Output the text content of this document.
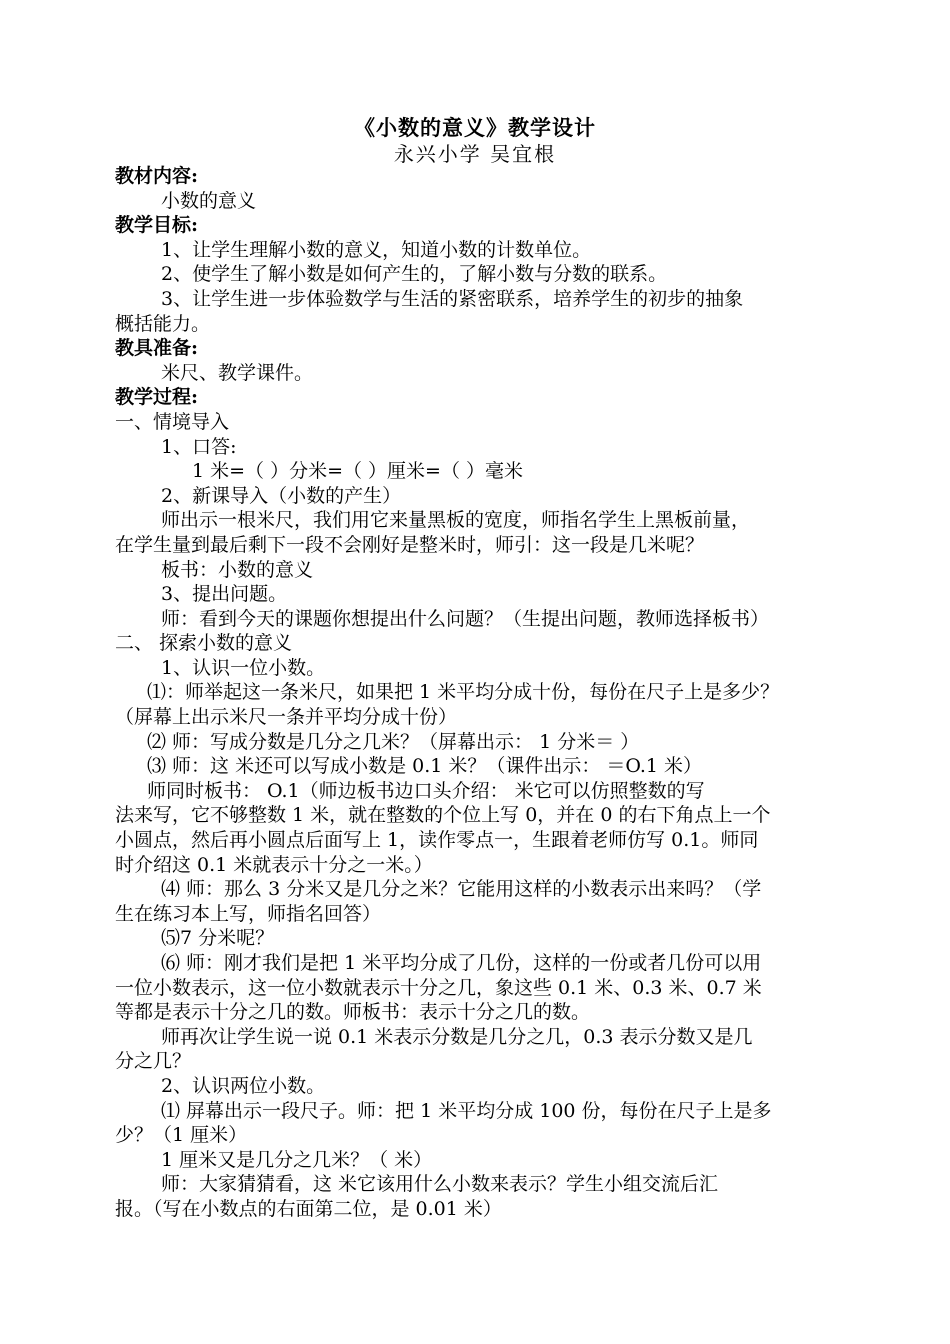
《小数的意义》教学设计
永兴小学 吴宜根

教材内容:

小数的意义

教学目标:

1、让学生理解小数的意义，知道小数的计数单位。

2、使学生了解小数是如何产生的，了解小数与分数的联系。

3、让学生进一步体验数学与生活的紧密联系，培养学生的初步的抽象

概括能力。

教具准备:

米尺、教学课件。

教学过程:

一、情境导入

1、口答:

1 米=（ ）分米=（ ）厘米=（ ）毫米

2、新课导入（小数的产生）

师出示一根米尺，我们用它来量黑板的宽度，师指名学生上黑板前量，

在学生量到最后剩下一段不会刚好是整米时，师引：这一段是几米呢？

板书：小数的意义

3、提出问题。

师：看到今天的课题你想提出什么问题？（生提出问题，教师选择板书）

二、 探索小数的意义

1、认识一位小数。

⑴：师举起这一条米尺，如果把 1 米平均分成十份，每份在尺子上是多少？

（屏幕上出示米尺一条并平均分成十份）

⑵ 师：写成分数是几分之几米？（屏幕出示： 1 分米＝ ）

⑶ 师：这 米还可以写成小数是 0.1 米？（课件出示： ＝O.1 米）

师同时板书： O.1（师边板书边口头介绍： 米它可以仿照整数的写

法来写，它不够整数 1 米，就在整数的个位上写 0，并在 0 的右下角点上一个

小圆点，然后再小圆点后面写上 1，读作零点一，生跟着老师仿写 0.1。师同

时介绍这 0.1 米就表示十分之一米。）

⑷ 师：那么 3 分米又是几分之米？它能用这样的小数表示出来吗？（学

生在练习本上写，师指名回答）

⑸7 分米呢？

⑹ 师：刚才我们是把 1 米平均分成了几份，这样的一份或者几份可以用

一位小数表示，这一位小数就表示十分之几，象这些 0.1 米、0.3 米、0.7 米

等都是表示十分之几的数。师板书：表示十分之几的数。

师再次让学生说一说 0.1 米表示分数是几分之几，0.3 表示分数又是几

分之几？

2、认识两位小数。

⑴ 屏幕出示一段尺子。师：把 1 米平均分成 100 份，每份在尺子上是多

少？（1 厘米）

1 厘米又是几分之几米？（ 米）

师：大家猜猜看，这 米它该用什么小数来表示？学生小组交流后汇

报。（写在小数点的右面第二位，是 0.01 米）
